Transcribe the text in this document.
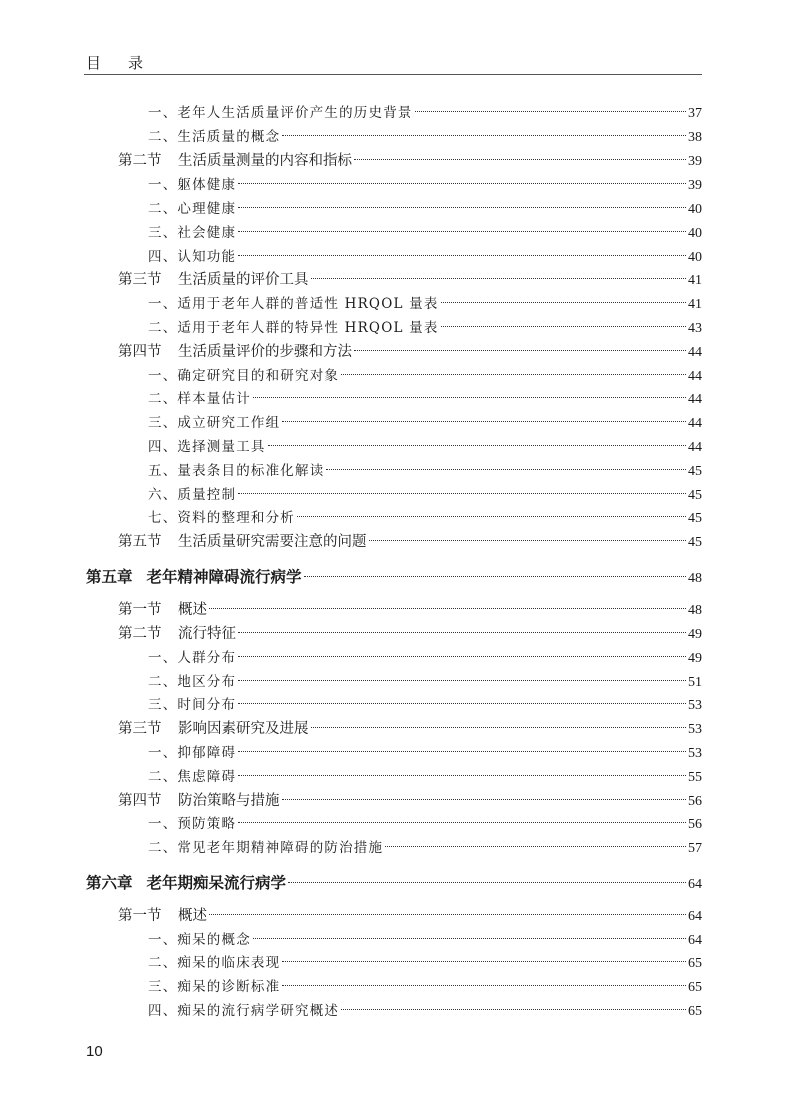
目 录
一、老年人生活质量评价产生的历史背景	37
二、生活质量的概念	38
第二节 生活质量测量的内容和指标	39
一、躯体健康	39
二、心理健康	40
三、社会健康	40
四、认知功能	40
第三节 生活质量的评价工具	41
一、适用于老年人群的普适性 HRQOL 量表	41
二、适用于老年人群的特异性 HRQOL 量表	43
第四节 生活质量评价的步骤和方法	44
一、确定研究目的和研究对象	44
二、样本量估计	44
三、成立研究工作组	44
四、选择测量工具	44
五、量表条目的标准化解读	45
六、质量控制	45
七、资料的整理和分析	45
第五节 生活质量研究需要注意的问题	45
第五章 老年精神障碍流行病学	48
第一节 概述	48
第二节 流行特征	49
一、人群分布	49
二、地区分布	51
三、时间分布	53
第三节 影响因素研究及进展	53
一、抑郁障碍	53
二、焦虑障碍	55
第四节 防治策略与措施	56
一、预防策略	56
二、常见老年期精神障碍的防治措施	57
第六章 老年期痴呆流行病学	64
第一节 概述	64
一、痴呆的概念	64
二、痴呆的临床表现	65
三、痴呆的诊断标准	65
四、痴呆的流行病学研究概述	65
10
